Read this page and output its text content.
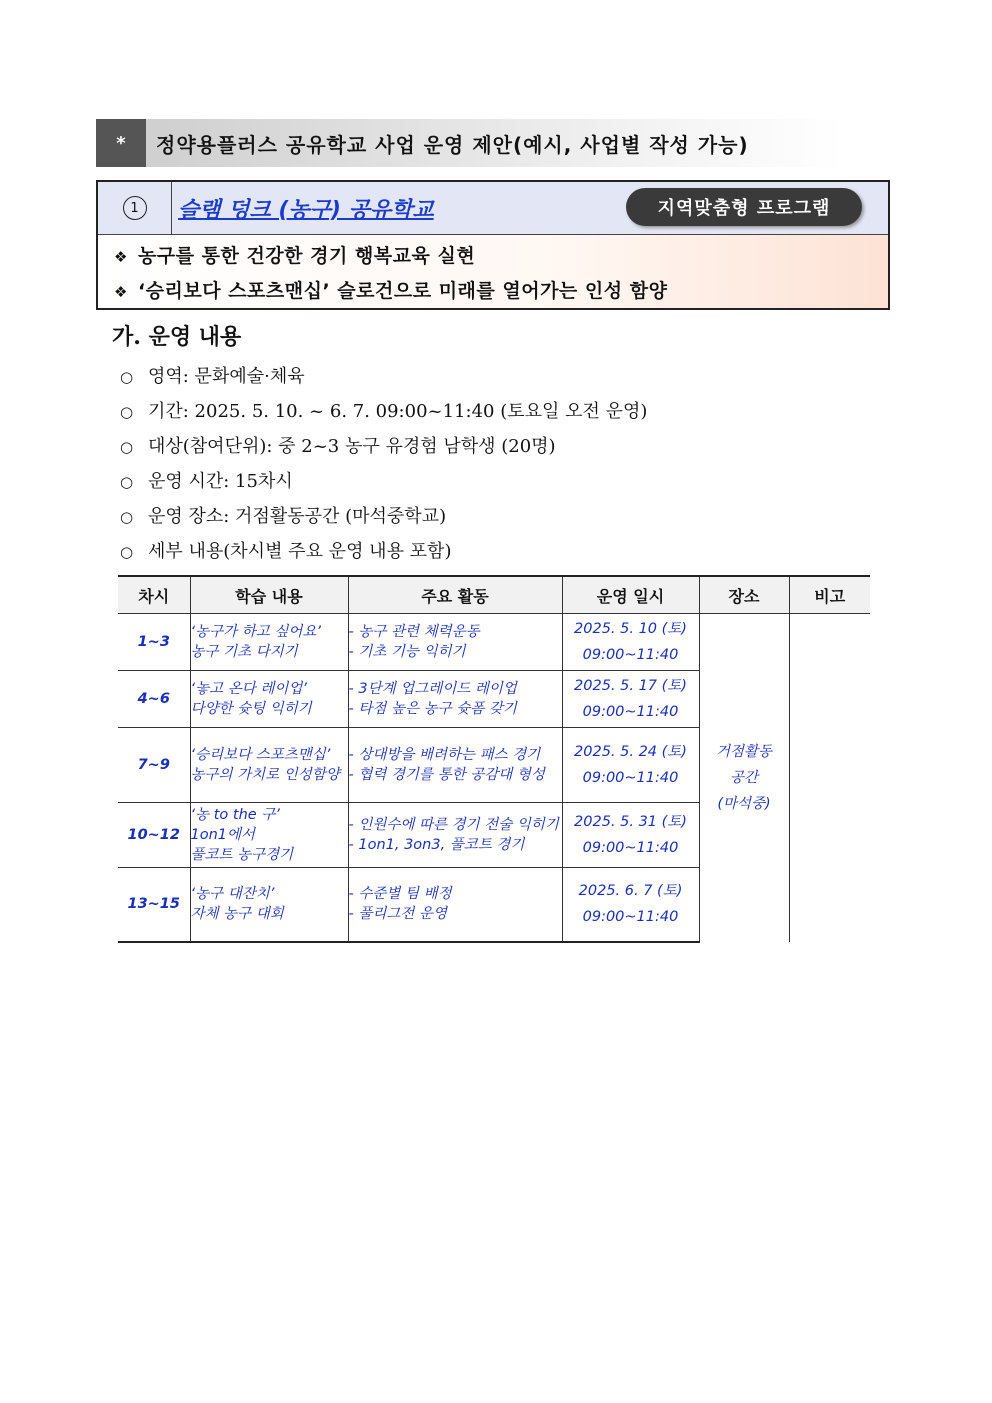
*	정약용플러스 공유학교 사업 운영 제안(예시, 사업별 작성 가능)
1	슬램 덩크 (농구) 공유학교	지역맞춤형 프로그램
❖ 농구를 통한 건강한 경기 행복교육 실현
❖ ‘승리보다 스포츠맨십’ 슬로건으로 미래를 열어가는 인성 함양
가. 운영 내용
○ 영역: 문화예술·체육
○ 기간: 2025. 5. 10. ~ 6. 7. 09:00~11:40 (토요일 오전 운영)
○ 대상(참여단위): 중 2~3 농구 유경험 남학생 (20명)
○ 운영 시간: 15차시
○ 운영 장소: 거점활동공간 (마석중학교)
○ 세부 내용(차시별 주요 운영 내용 포함)
차시	학습 내용	주요 활동	운영 일시	장소	비고
1~3	‘농구가 하고 싶어요’
농구 기초 다지기	- 농구 관련 체력운동
- 기초 기능 익히기	2025. 5. 10 (토)
09:00~11:40	거점활동
공간
(마석중)	

4~6	‘놓고 온다 레이업’
다양한 슛팅 익히기	- 3단계 업그레이드 레이업
- 타점 높은 농구 슛폼 갖기	2025. 5. 17 (토)
09:00~11:40		

7~9	‘승리보다 스포츠맨십’
농구의 가치로 인성함양	- 상대방을 배려하는 패스 경기
- 협력 경기를 통한 공감대 형성	2025. 5. 24 (토)
09:00~11:40		

10~12	‘농 to the 구’
1on1에서
풀코트 농구경기	- 인원수에 따른 경기 전술 익히기
- 1on1, 3on3, 풀코트 경기	2025. 5. 31 (토)
09:00~11:40		

13~15	‘농구 대잔치’
자체 농구 대회	- 수준별 팀 배정
- 풀리그전 운영	2025. 6. 7 (토)
09:00~11:40		
